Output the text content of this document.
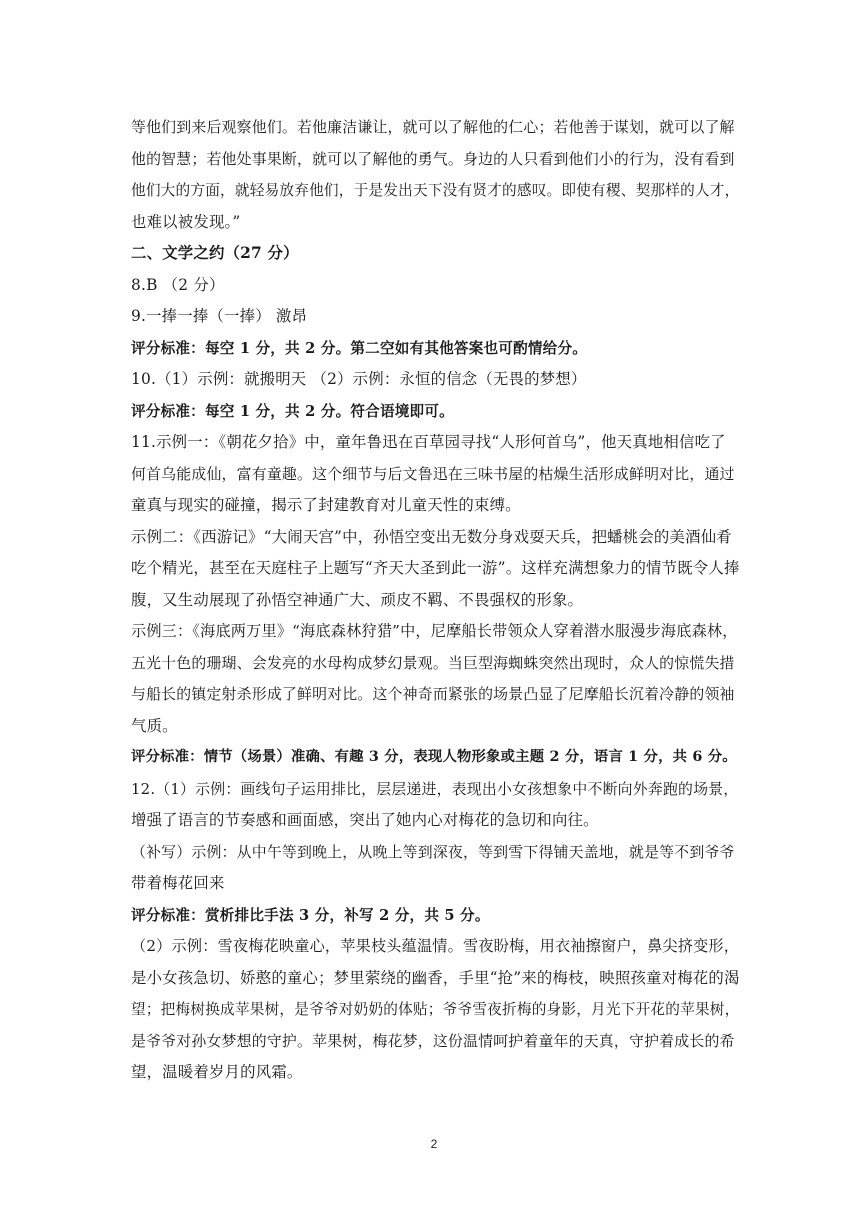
等他们到来后观察他们。若他廉洁谦让，就可以了解他的仁心；若他善于谋划，就可以了解

他的智慧；若他处事果断，就可以了解他的勇气。身边的人只看到他们小的行为，没有看到

他们大的方面，就轻易放弃他们，于是发出天下没有贤才的感叹。即使有稷、契那样的人才，

也难以被发现。”

二、文学之约（27 分）

8.B （2 分）

9.一捧一捧（一捧） 激昂

评分标准：每空 1 分，共 2 分。第二空如有其他答案也可酌情给分。

10.（1）示例：就搬明天 （2）示例：永恒的信念（无畏的梦想）

评分标准：每空 1 分，共 2 分。符合语境即可。

11.示例一：《朝花夕拾》中，童年鲁迅在百草园寻找“人形何首乌”，他天真地相信吃了

何首乌能成仙，富有童趣。这个细节与后文鲁迅在三味书屋的枯燥生活形成鲜明对比，通过

童真与现实的碰撞，揭示了封建教育对儿童天性的束缚。

示例二：《西游记》“大闹天宫”中，孙悟空变出无数分身戏耍天兵，把蟠桃会的美酒仙肴

吃个精光，甚至在天庭柱子上题写“齐天大圣到此一游”。这样充满想象力的情节既令人捧

腹，又生动展现了孙悟空神通广大、顽皮不羁、不畏强权的形象。

示例三：《海底两万里》“海底森林狩猎”中，尼摩船长带领众人穿着潜水服漫步海底森林，

五光十色的珊瑚、会发亮的水母构成梦幻景观。当巨型海蜘蛛突然出现时，众人的惊慌失措

与船长的镇定射杀形成了鲜明对比。这个神奇而紧张的场景凸显了尼摩船长沉着冷静的领袖

气质。

评分标准：情节（场景）准确、有趣 3 分，表现人物形象或主题 2 分，语言 1 分，共 6 分。

12.（1）示例：画线句子运用排比，层层递进，表现出小女孩想象中不断向外奔跑的场景，

增强了语言的节奏感和画面感，突出了她内心对梅花的急切和向往。

（补写）示例：从中午等到晚上，从晚上等到深夜，等到雪下得铺天盖地，就是等不到爷爷

带着梅花回来

评分标准：赏析排比手法 3 分，补写 2 分，共 5 分。

（2）示例：雪夜梅花映童心，苹果枝头蕴温情。雪夜盼梅，用衣袖擦窗户，鼻尖挤变形，

是小女孩急切、娇憨的童心；梦里萦绕的幽香，手里“抢”来的梅枝，映照孩童对梅花的渴

望；把梅树换成苹果树，是爷爷对奶奶的体贴；爷爷雪夜折梅的身影，月光下开花的苹果树，

是爷爷对孙女梦想的守护。苹果树，梅花梦，这份温情呵护着童年的天真，守护着成长的希

望，温暖着岁月的风霜。

2
